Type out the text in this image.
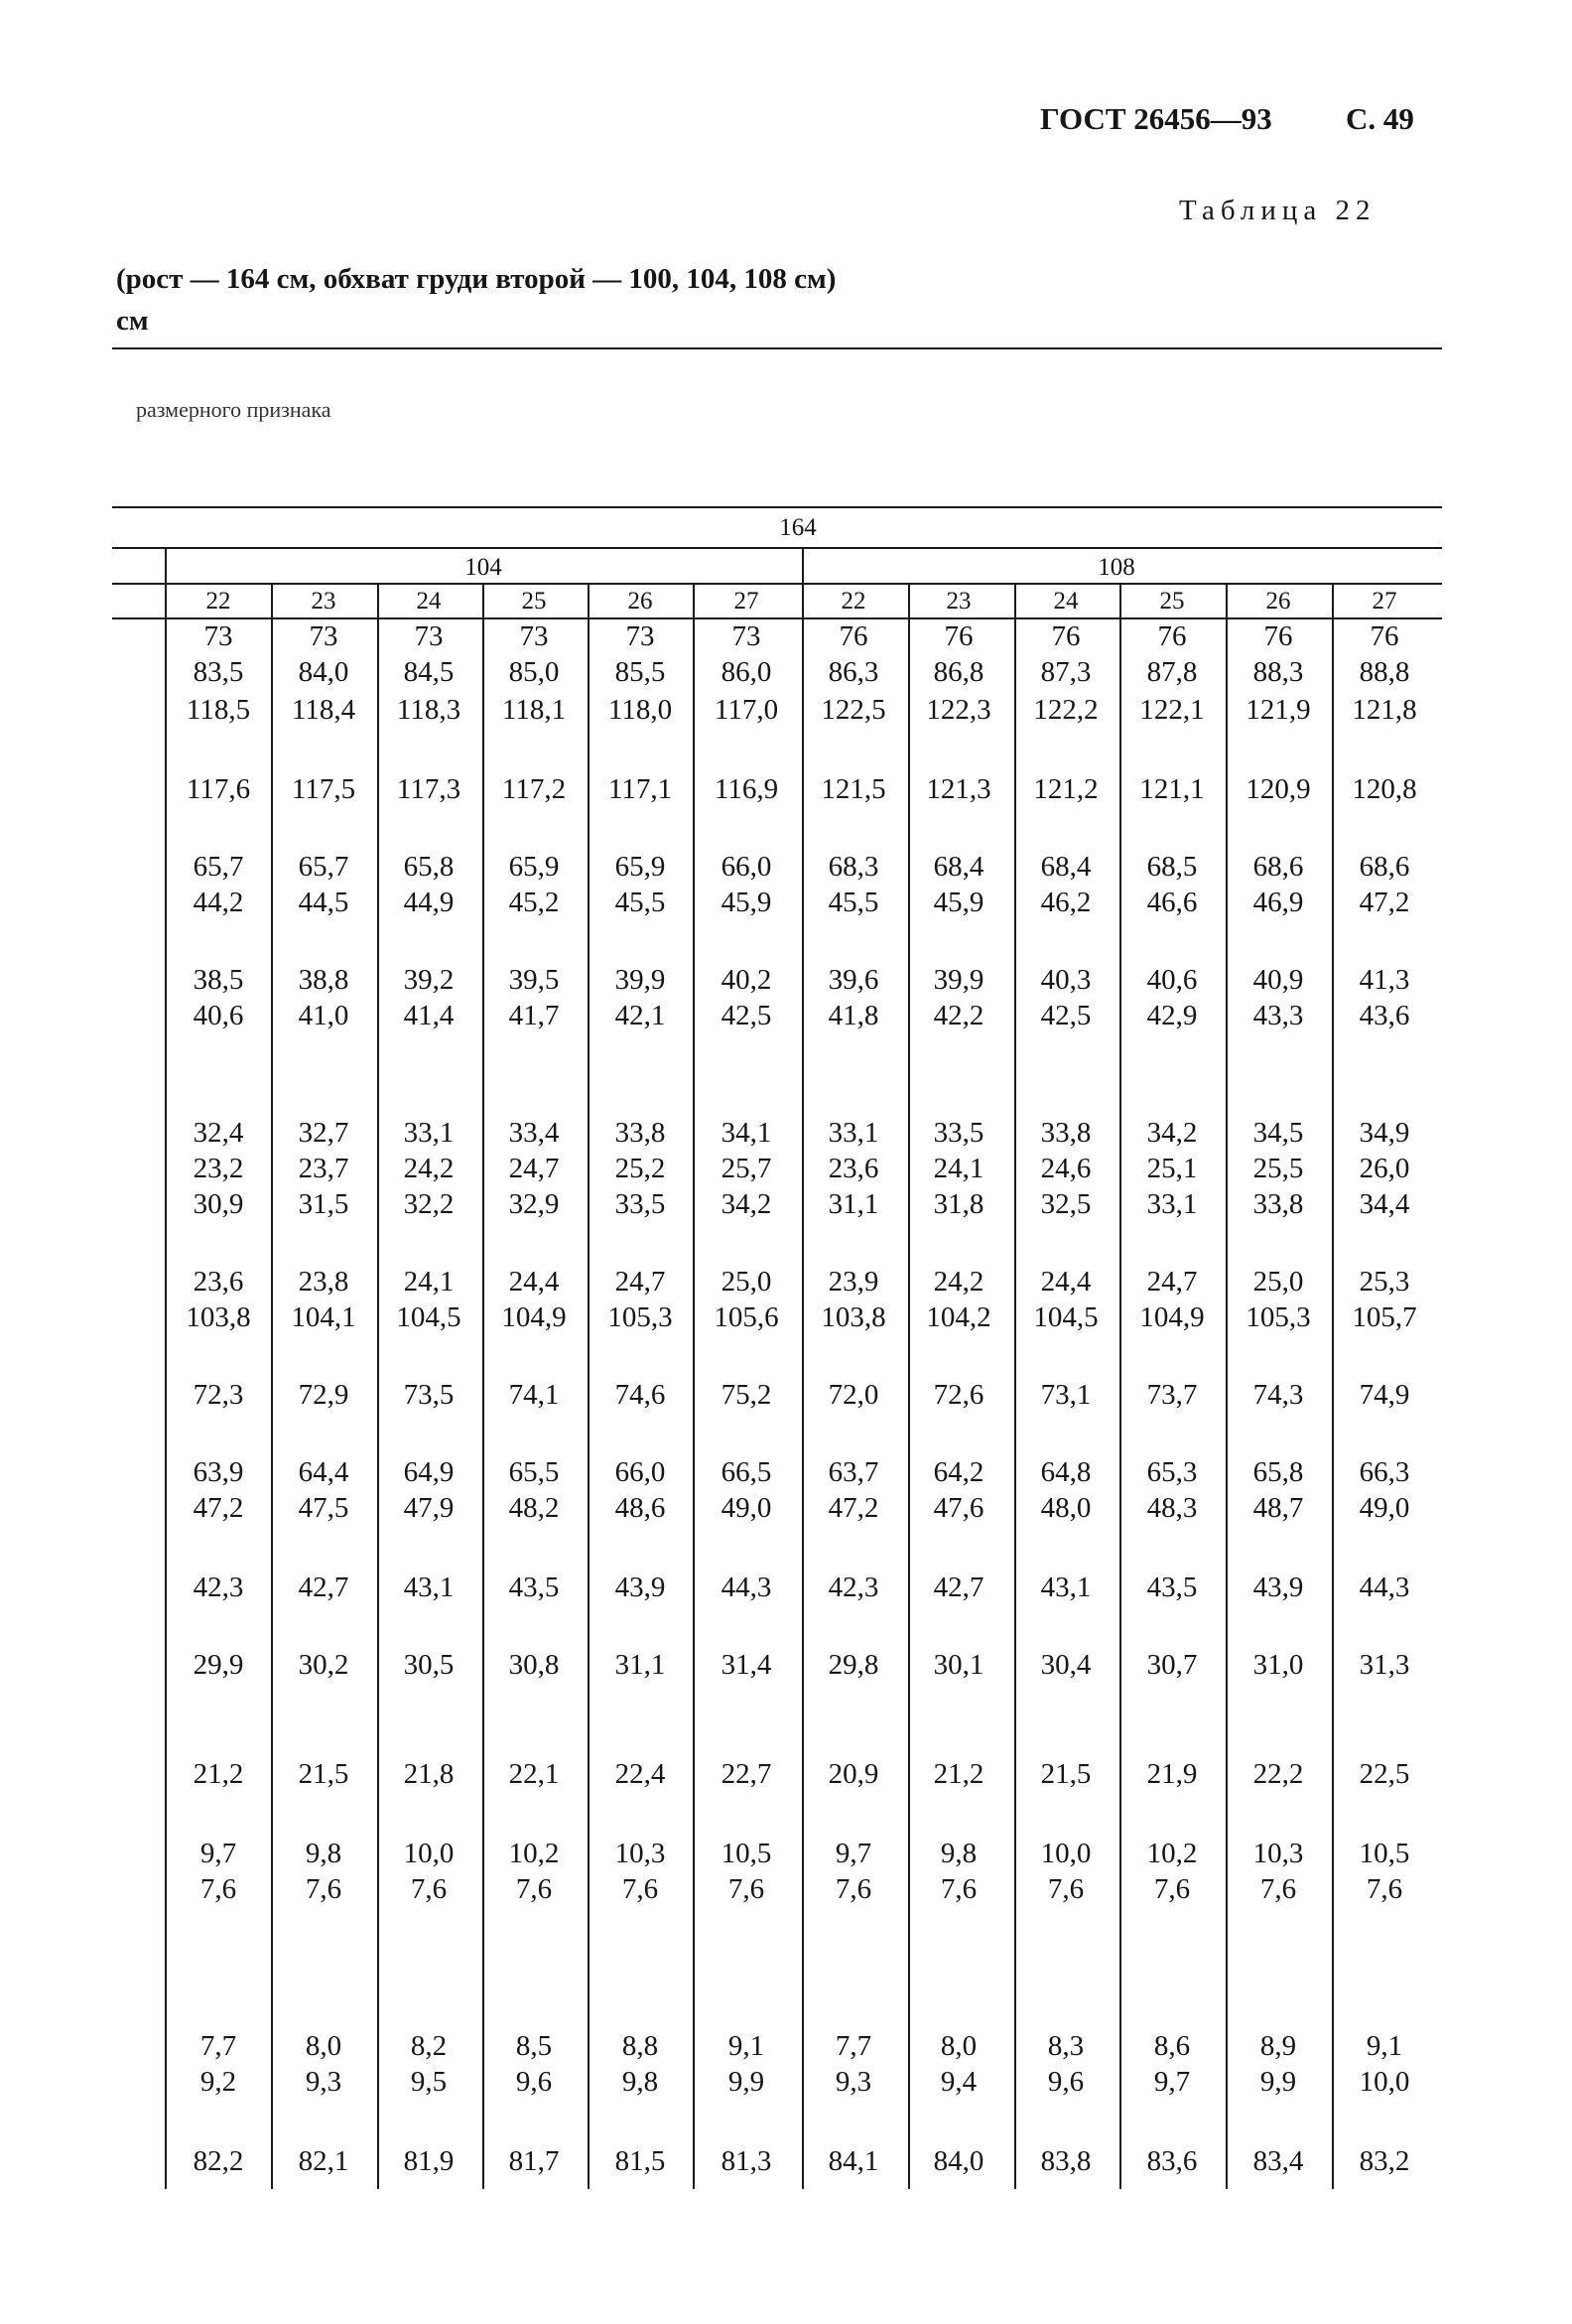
ГОСТ 26456—93 С. 49
Таблица 22
(рост — 164 см, обхват груди второй — 100, 104, 108 см)
см
размерного признака
164
104	108
22	23	24	25	26	27	22	23	24	25	26	27
73	73	73	73	73	73	76	76	76	76	76	76
83,5	84,0	84,5	85,0	85,5	86,0	86,3	86,8	87,3	87,8	88,3	88,8
118,5	118,4	118,3	118,1	118,0	117,0	122,5	122,3	122,2	122,1	121,9	121,8
117,6	117,5	117,3	117,2	117,1	116,9	121,5	121,3	121,2	121,1	120,9	120,8
65,7	65,7	65,8	65,9	65,9	66,0	68,3	68,4	68,4	68,5	68,6	68,6
44,2	44,5	44,9	45,2	45,5	45,9	45,5	45,9	46,2	46,6	46,9	47,2
38,5	38,8	39,2	39,5	39,9	40,2	39,6	39,9	40,3	40,6	40,9	41,3
40,6	41,0	41,4	41,7	42,1	42,5	41,8	42,2	42,5	42,9	43,3	43,6
32,4	32,7	33,1	33,4	33,8	34,1	33,1	33,5	33,8	34,2	34,5	34,9
23,2	23,7	24,2	24,7	25,2	25,7	23,6	24,1	24,6	25,1	25,5	26,0
30,9	31,5	32,2	32,9	33,5	34,2	31,1	31,8	32,5	33,1	33,8	34,4
23,6	23,8	24,1	24,4	24,7	25,0	23,9	24,2	24,4	24,7	25,0	25,3
103,8	104,1	104,5	104,9	105,3	105,6	103,8	104,2	104,5	104,9	105,3	105,7
72,3	72,9	73,5	74,1	74,6	75,2	72,0	72,6	73,1	73,7	74,3	74,9
63,9	64,4	64,9	65,5	66,0	66,5	63,7	64,2	64,8	65,3	65,8	66,3
47,2	47,5	47,9	48,2	48,6	49,0	47,2	47,6	48,0	48,3	48,7	49,0
42,3	42,7	43,1	43,5	43,9	44,3	42,3	42,7	43,1	43,5	43,9	44,3
29,9	30,2	30,5	30,8	31,1	31,4	29,8	30,1	30,4	30,7	31,0	31,3
21,2	21,5	21,8	22,1	22,4	22,7	20,9	21,2	21,5	21,9	22,2	22,5
9,7	9,8	10,0	10,2	10,3	10,5	9,7	9,8	10,0	10,2	10,3	10,5
7,6	7,6	7,6	7,6	7,6	7,6	7,6	7,6	7,6	7,6	7,6	7,6
7,7	8,0	8,2	8,5	8,8	9,1	7,7	8,0	8,3	8,6	8,9	9,1
9,2	9,3	9,5	9,6	9,8	9,9	9,3	9,4	9,6	9,7	9,9	10,0
82,2	82,1	81,9	81,7	81,5	81,3	84,1	84,0	83,8	83,6	83,4	83,2
